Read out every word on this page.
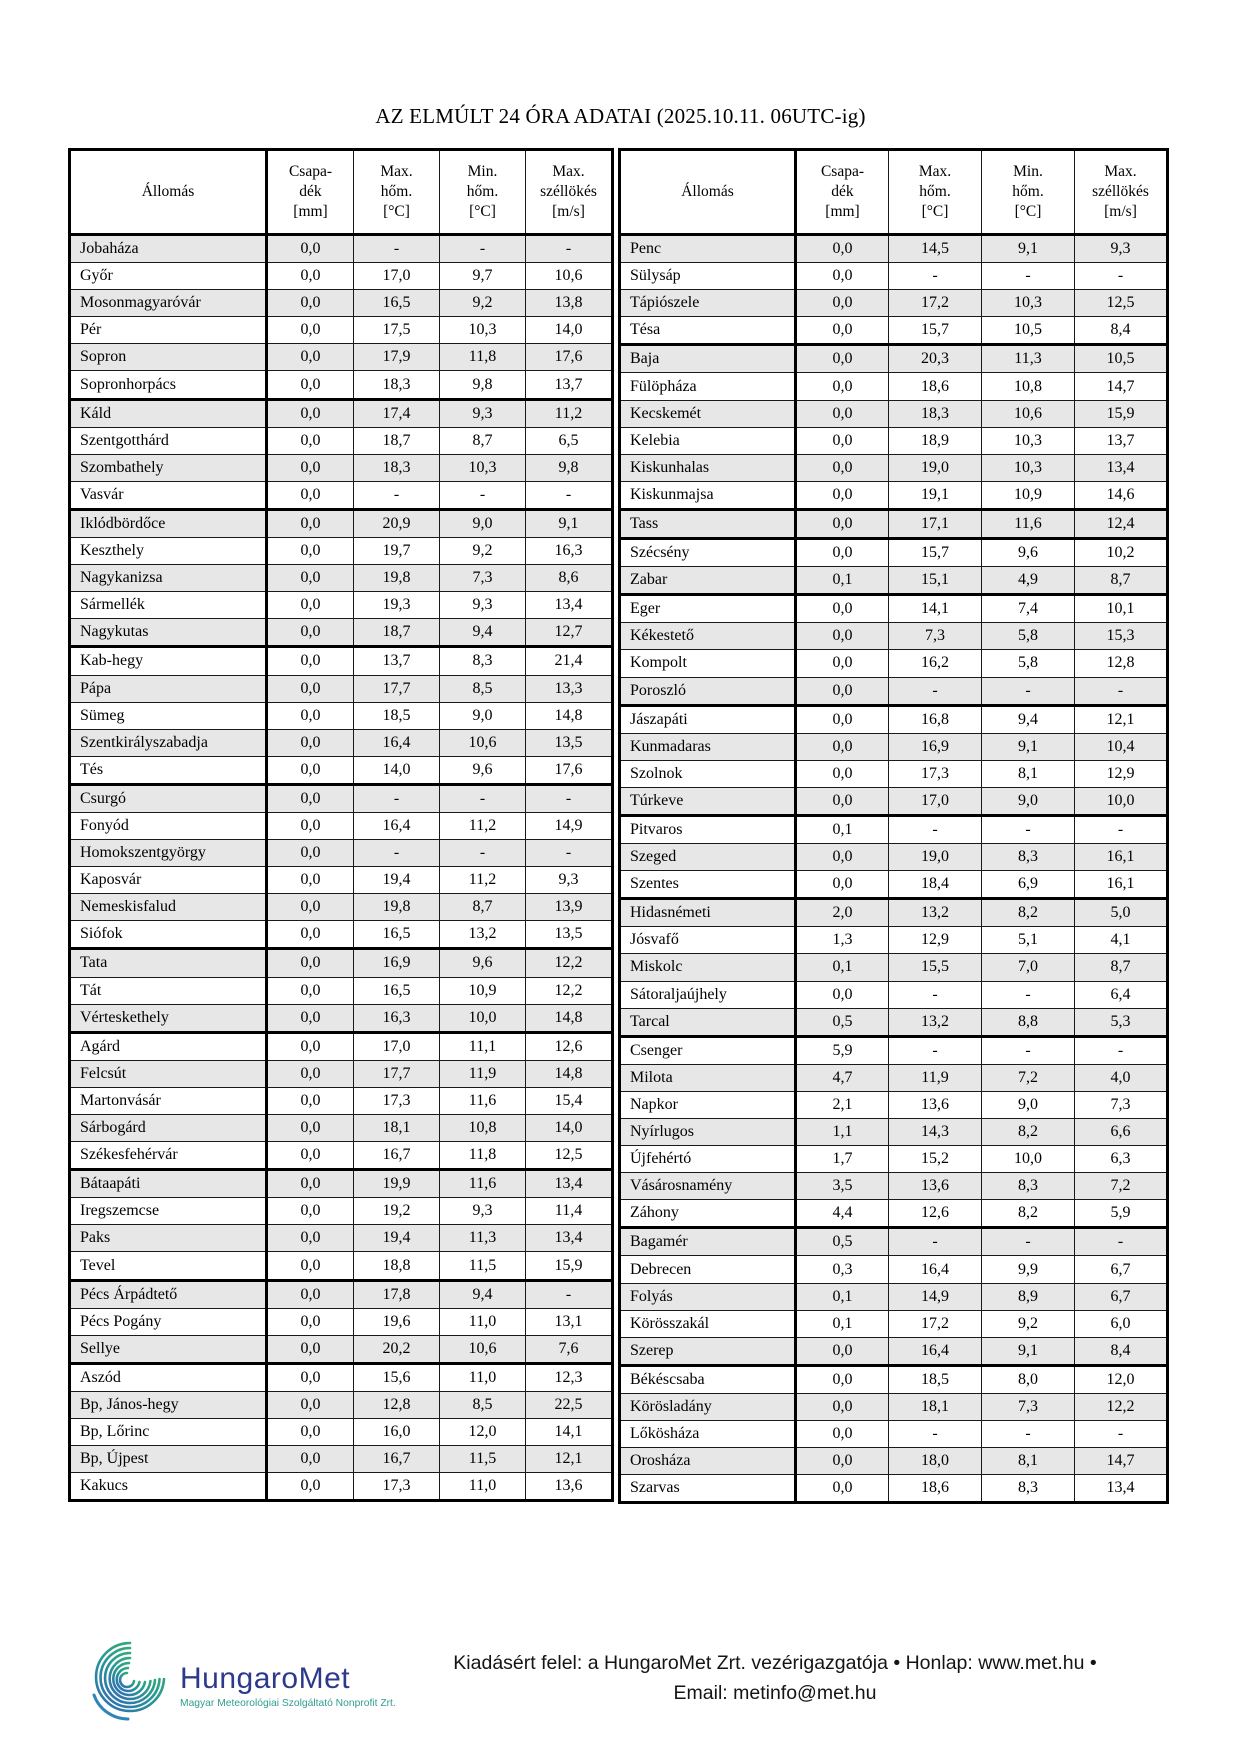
AZ ELMÚLT 24 ÓRA ADATAI (2025.10.11. 06UTC-ig)
Állomás

Csapa-
dék
[mm]

Max.
hőm.
[°C]

Min.
hőm.
[°C]

Max.
széllökés
[m/s]

Jobaháza	0,0	-	-	-
Győr	0,0	17,0	9,7	10,6
Mosonmagyaróvár	0,0	16,5	9,2	13,8
Pér	0,0	17,5	10,3	14,0
Sopron	0,0	17,9	11,8	17,6
Sopronhorpács	0,0	18,3	9,8	13,7
Káld	0,0	17,4	9,3	11,2
Szentgotthárd	0,0	18,7	8,7	6,5
Szombathely	0,0	18,3	10,3	9,8
Vasvár	0,0	-	-	-
Iklódbördőce	0,0	20,9	9,0	9,1
Keszthely	0,0	19,7	9,2	16,3
Nagykanizsa	0,0	19,8	7,3	8,6
Sármellék	0,0	19,3	9,3	13,4
Nagykutas	0,0	18,7	9,4	12,7
Kab-hegy	0,0	13,7	8,3	21,4
Pápa	0,0	17,7	8,5	13,3
Sümeg	0,0	18,5	9,0	14,8
Szentkirályszabadja	0,0	16,4	10,6	13,5
Tés	0,0	14,0	9,6	17,6
Csurgó	0,0	-	-	-
Fonyód	0,0	16,4	11,2	14,9
Homokszentgyörgy	0,0	-	-	-
Kaposvár	0,0	19,4	11,2	9,3
Nemeskisfalud	0,0	19,8	8,7	13,9
Siófok	0,0	16,5	13,2	13,5
Tata	0,0	16,9	9,6	12,2
Tát	0,0	16,5	10,9	12,2
Vérteskethely	0,0	16,3	10,0	14,8
Agárd	0,0	17,0	11,1	12,6
Felcsút	0,0	17,7	11,9	14,8
Martonvásár	0,0	17,3	11,6	15,4
Sárbogárd	0,0	18,1	10,8	14,0
Székesfehérvár	0,0	16,7	11,8	12,5
Bátaapáti	0,0	19,9	11,6	13,4
Iregszemcse	0,0	19,2	9,3	11,4
Paks	0,0	19,4	11,3	13,4
Tevel	0,0	18,8	11,5	15,9
Pécs Árpádtető	0,0	17,8	9,4	-
Pécs Pogány	0,0	19,6	11,0	13,1
Sellye	0,0	20,2	10,6	7,6
Aszód	0,0	15,6	11,0	12,3
Bp, János-hegy	0,0	12,8	8,5	22,5
Bp, Lőrinc	0,0	16,0	12,0	14,1
Bp, Újpest	0,0	16,7	11,5	12,1
Kakucs	0,0	17,3	11,0	13,6
Állomás

Csapa-
dék
[mm]

Max.
hőm.
[°C]

Min.
hőm.
[°C]

Max.
széllökés
[m/s]

Penc	0,0	14,5	9,1	9,3
Sülysáp	0,0	-	-	-
Tápiószele	0,0	17,2	10,3	12,5
Tésa	0,0	15,7	10,5	8,4
Baja	0,0	20,3	11,3	10,5
Fülöpháza	0,0	18,6	10,8	14,7
Kecskemét	0,0	18,3	10,6	15,9
Kelebia	0,0	18,9	10,3	13,7
Kiskunhalas	0,0	19,0	10,3	13,4
Kiskunmajsa	0,0	19,1	10,9	14,6
Tass	0,0	17,1	11,6	12,4
Szécsény	0,0	15,7	9,6	10,2
Zabar	0,1	15,1	4,9	8,7
Eger	0,0	14,1	7,4	10,1
Kékestető	0,0	7,3	5,8	15,3
Kompolt	0,0	16,2	5,8	12,8
Poroszló	0,0	-	-	-
Jászapáti	0,0	16,8	9,4	12,1
Kunmadaras	0,0	16,9	9,1	10,4
Szolnok	0,0	17,3	8,1	12,9
Túrkeve	0,0	17,0	9,0	10,0
Pitvaros	0,1	-	-	-
Szeged	0,0	19,0	8,3	16,1
Szentes	0,0	18,4	6,9	16,1
Hidasnémeti	2,0	13,2	8,2	5,0
Jósvafő	1,3	12,9	5,1	4,1
Miskolc	0,1	15,5	7,0	8,7
Sátoraljaújhely	0,0	-	-	6,4
Tarcal	0,5	13,2	8,8	5,3
Csenger	5,9	-	-	-
Milota	4,7	11,9	7,2	4,0
Napkor	2,1	13,6	9,0	7,3
Nyírlugos	1,1	14,3	8,2	6,6
Újfehértó	1,7	15,2	10,0	6,3
Vásárosnamény	3,5	13,6	8,3	7,2
Záhony	4,4	12,6	8,2	5,9
Bagamér	0,5	-	-	-
Debrecen	0,3	16,4	9,9	6,7
Folyás	0,1	14,9	8,9	6,7
Körösszakál	0,1	17,2	9,2	6,0
Szerep	0,0	16,4	9,1	8,4
Békéscsaba	0,0	18,5	8,0	12,0
Körösladány	0,0	18,1	7,3	12,2
Lőkösháza	0,0	-	-	-
Orosháza	0,0	18,0	8,1	14,7
Szarvas	0,0	18,6	8,3	13,4
HungaroMet
Magyar Meteorológiai Szolgáltató Nonprofit Zrt.
Kiadásért felel: a HungaroMet Zrt. vezérigazgatója • Honlap: www.met.hu •
Email: metinfo@met.hu
